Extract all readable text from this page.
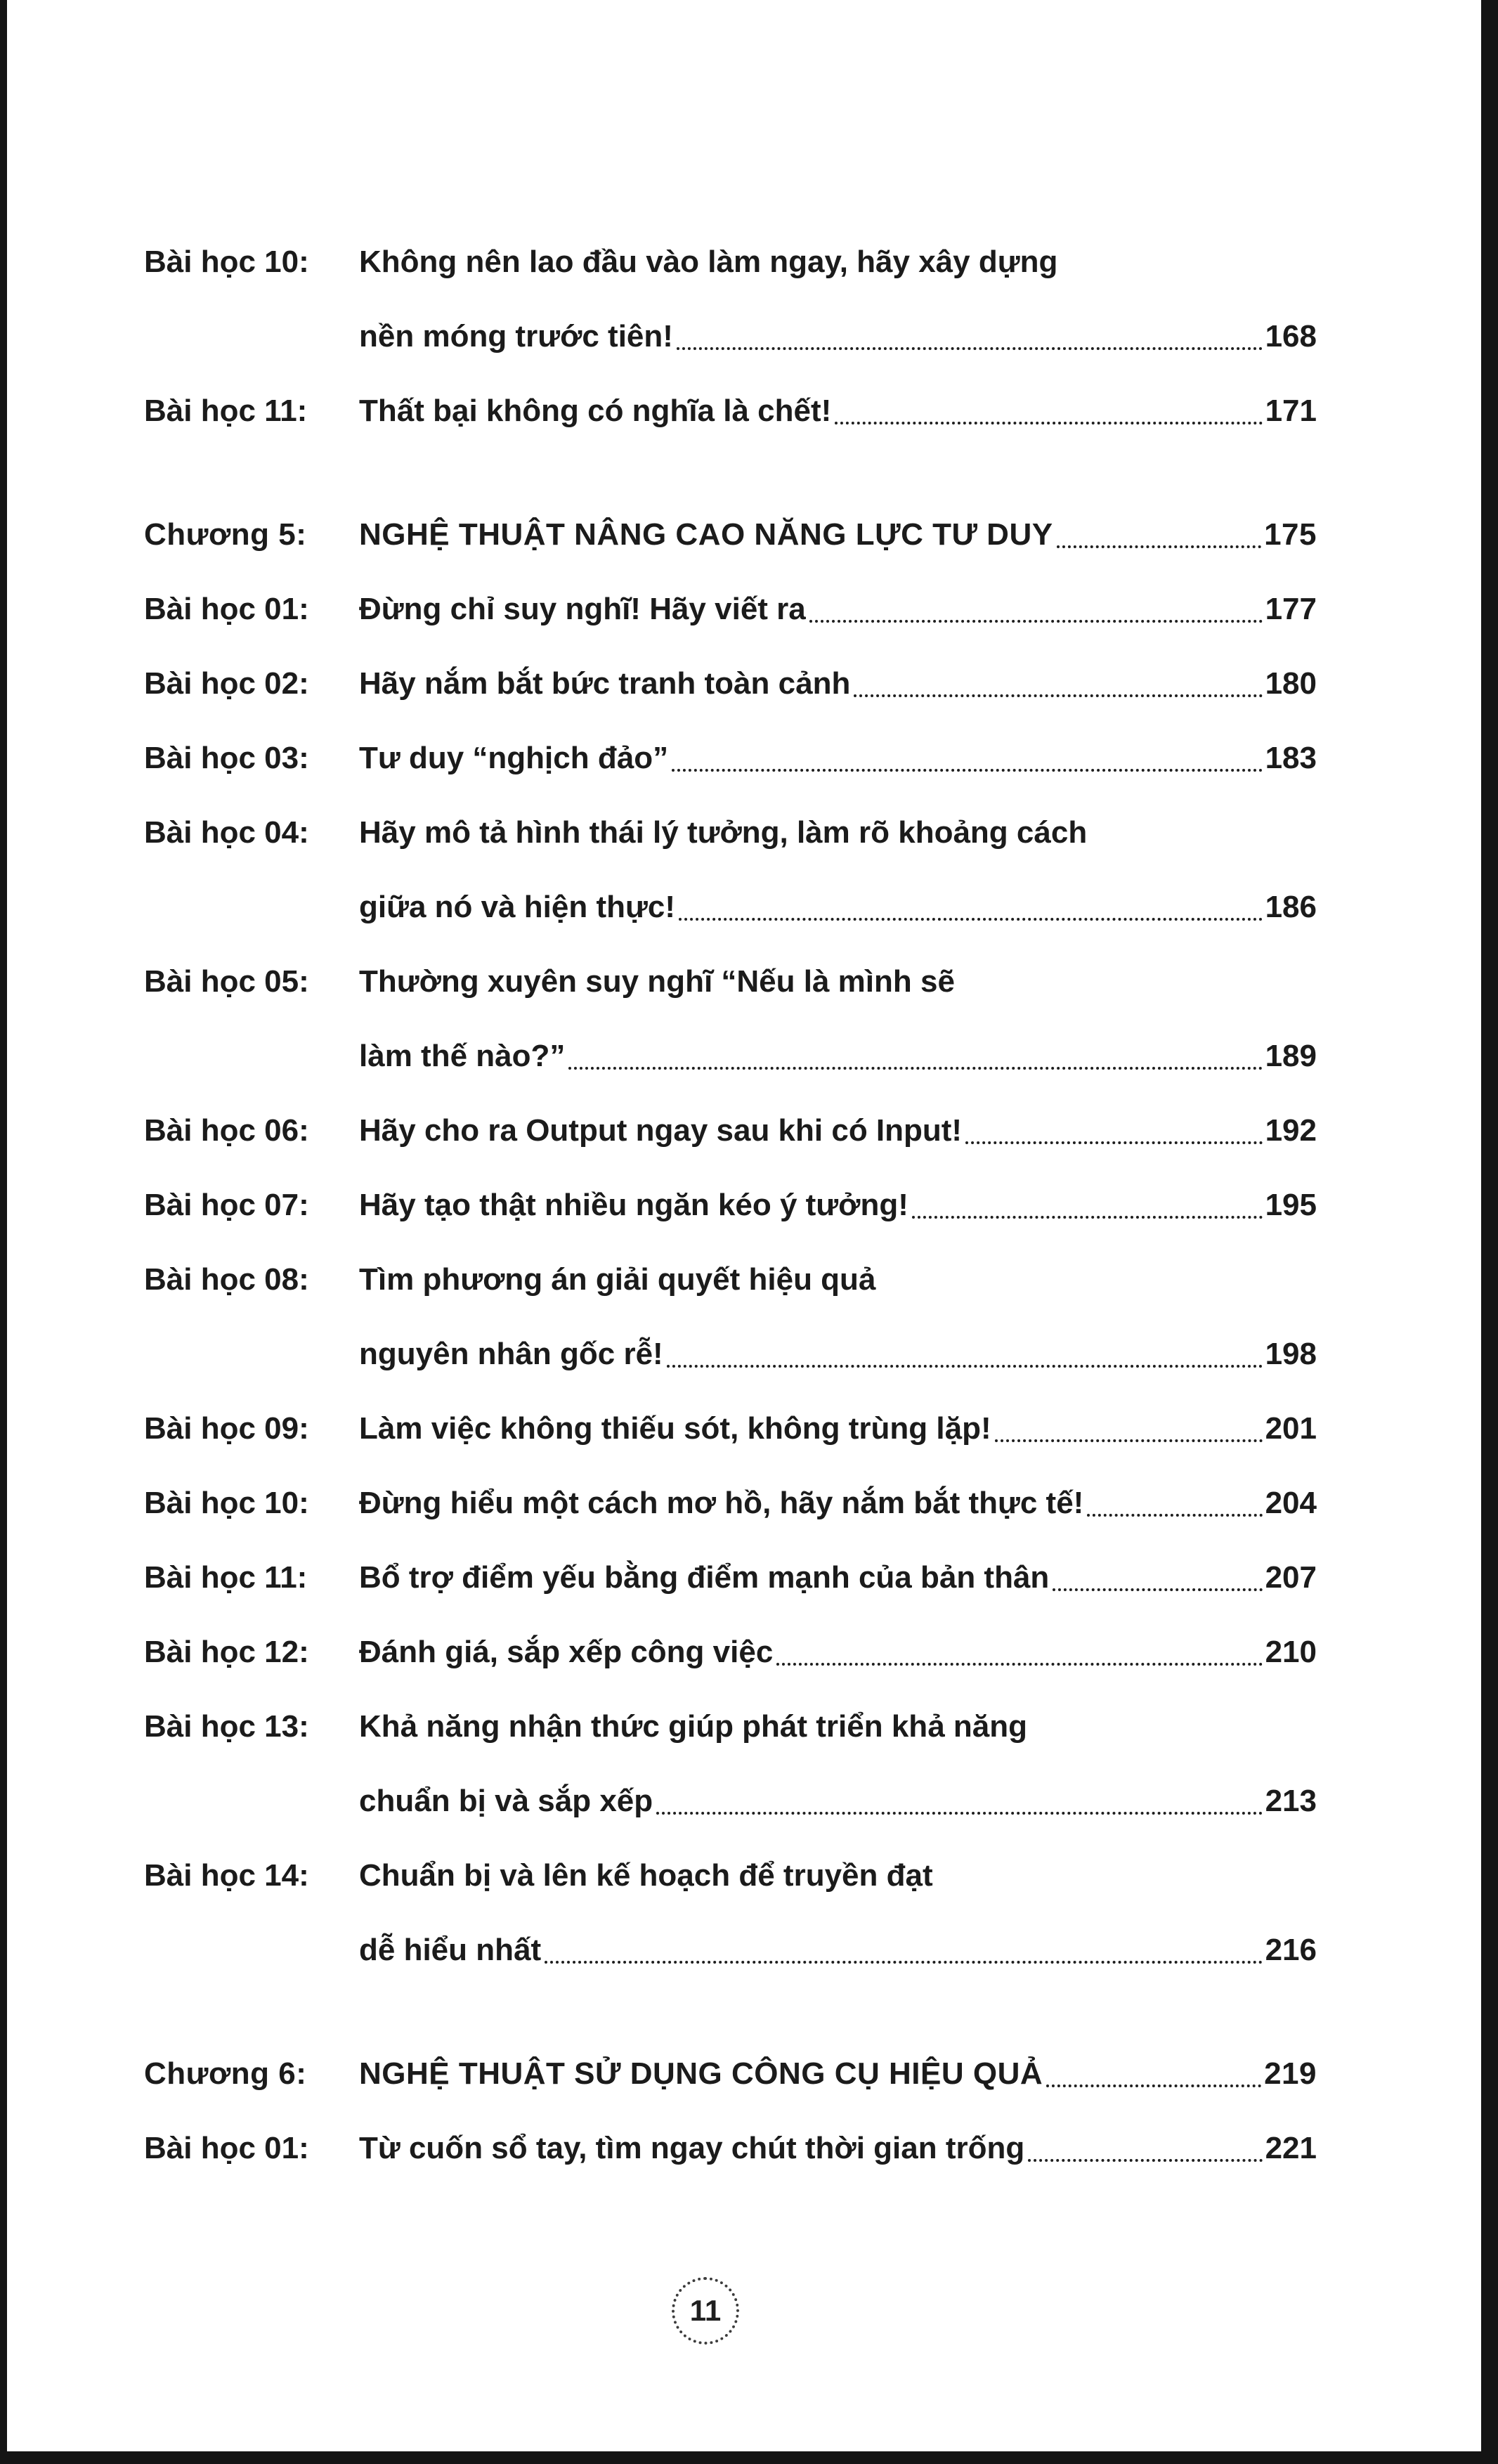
Bài học 10:	Không nên lao đầu vào làm ngay, hãy xây dựng
nền móng trước tiên!	168
Bài học 11:	Thất bại không có nghĩa là chết!	171
Chương 5:	NGHỆ THUẬT NÂNG CAO NĂNG LỰC TƯ DUY	175
Bài học 01:	Đừng chỉ suy nghĩ! Hãy viết ra	177
Bài học 02:	Hãy nắm bắt bức tranh toàn cảnh	180
Bài học 03:	Tư duy “nghịch đảo”	183
Bài học 04:	Hãy mô tả hình thái lý tưởng, làm rõ khoảng cách
giữa nó và hiện thực!	186
Bài học 05:	Thường xuyên suy nghĩ “Nếu là mình sẽ
làm thế nào?”	189
Bài học 06:	Hãy cho ra Output ngay sau khi có Input!	192
Bài học 07:	Hãy tạo thật nhiều ngăn kéo ý tưởng!	195
Bài học 08:	Tìm phương án giải quyết hiệu quả
nguyên nhân gốc rễ!	198
Bài học 09:	Làm việc không thiếu sót, không trùng lặp!	201
Bài học 10:	Đừng hiểu một cách mơ hồ, hãy nắm bắt thực tế!	204
Bài học 11:	Bổ trợ điểm yếu bằng điểm mạnh của bản thân	207
Bài học 12:	Đánh giá, sắp xếp công việc	210
Bài học 13:	Khả năng nhận thức giúp phát triển khả năng
chuẩn bị và sắp xếp	213
Bài học 14:	Chuẩn bị và lên kế hoạch để truyền đạt
dễ hiểu nhất	216
Chương 6:	NGHỆ THUẬT SỬ DỤNG CÔNG CỤ HIỆU QUẢ	219
Bài học 01:	Từ cuốn sổ tay, tìm ngay chút thời gian trống	221
11
